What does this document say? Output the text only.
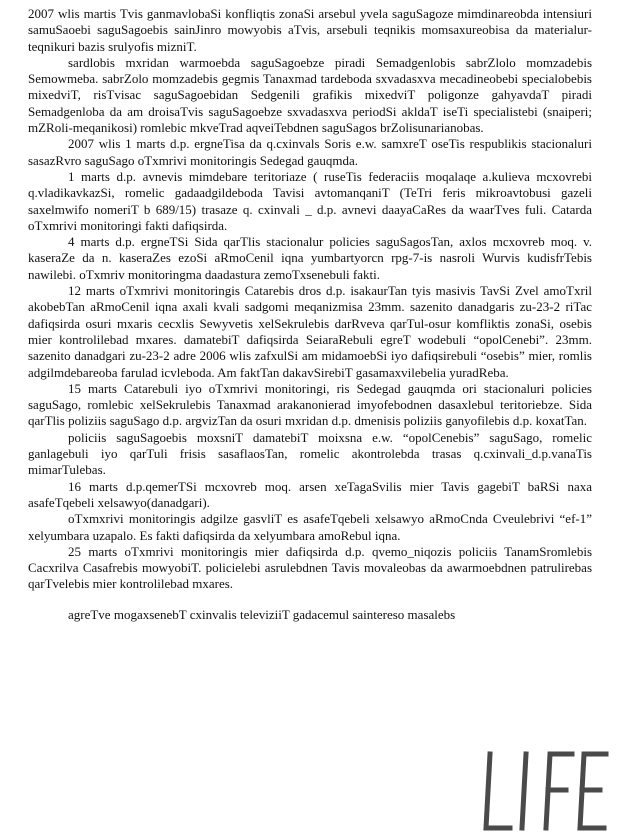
2007 wlis martis Tvis ganmavlobaSi konfliqtis zonaSi arsebul yvela saguSagoze mimdinareobda intensiuri samuSaoebi saguSagoebis sainJinro mowyobis aTvis, arsebuli teqnikis momsaxureobisa da materialur-teqnikuri bazis srulyofis mizniT.

sardlobis mxridan warmoebda saguSagoebze piradi Semadgenlobis sabrZlolo momzadebis Semowmeba. sabrZolo momzadebis gegmis Tanaxmad tardeboda sxvadasxva mecadineobebi specialobebis mixedviT, risTvisac saguSagoebidan Sedgenili grafikis mixedviT poligonze gahyavdaT piradi Semadgenloba da am droisaTvis saguSagoebze sxvadasxva periodSi akldaT iseTi specialistebi (snaiperi; mZRoli-meqanikosi) romlebic mkveTrad aqveiTebdnen saguSagos brZolisunarianobas.

2007 wlis 1 marts d.p. ergneTisa da q.cxinvals Soris e.w. samxreT oseTis respublikis stacionaluri sasazRvro saguSago oTxmrivi monitoringis Sedegad gauqmda.

1 marts d.p. avnevis mimdebare teritoriaze ( ruseTis federaciis moqalaqe a.kulieva mcxovrebi q.vladikavkazSi, romelic gadaadgildeboda Tavisi avtomanqaniT (TeTri feris mikroavtobusi gazeli saxelmwifo nomeriT b 689/15) trasaze q. cxinvali _ d.p. avnevi daayaCaRes da waarTves fuli. Catarda oTxmrivi monitoringi fakti dafiqsirda.

4 marts d.p. ergneTSi Sida qarTlis stacionalur policies saguSagosTan, axlos mcxovreb moq. v. kaseraZe da n. kaseraZes ezoSi aRmoCenil iqna yumbartyorcn rpg-7-is nasroli Wurvis kudisfrTebis nawilebi. oTxmriv monitoringma daadastura zemoTxsenebuli fakti.

12 marts oTxmrivi monitoringis Catarebis dros d.p. isakaurTan tyis masivis TavSi Zvel amoTxril akobebTan aRmoCenil iqna axali kvali sadgomi meqanizmisa 23mm. sazenito danadgaris zu-23-2 riTac dafiqsirda osuri mxaris cecxlis Sewyvetis xelSekrulebis darRveva qarTul-osur komfliktis zonaSi, osebis mier kontrolilebad mxares. damatebiT dafiqsirda SeiaraRebuli egreT wodebuli “opolCenebi”. 23mm. sazenito danadgari zu-23-2 adre 2006 wlis zafxulSi am midamoebSi iyo dafiqsirebuli “osebis” mier, romlis adgilmdebareoba farulad icvleboda. Am faktTan dakavSirebiT gasamaxvilebelia yuradReba.

15 marts Catarebuli iyo oTxmrivi monitoringi, ris Sedegad gauqmda ori stacionaluri policies saguSago, romlebic xelSekrulebis Tanaxmad arakanonierad imyofebodnen dasaxlebul teritoriebze. Sida qarTlis poliziis saguSago d.p. argvizTan da osuri mxridan d.p. dmenisis poliziis ganyofilebis d.p. koxatTan.

policiis saguSagoebis moxsniT damatebiT moixsna e.w. “opolCenebis” saguSago, romelic ganlagebuli iyo qarTuli frisis sasaflaosTan, romelic akontrolebda trasas q.cxinvali_d.p.vanaTis mimarTulebas.

16 marts d.p.qemerTSi mcxovreb moq. arsen xeTagaSvilis mier Tavis gagebiT baRSi naxa asafeTqebeli xelsawyo(danadgari).

oTxmxrivi monitoringis adgilze gasvliT es asafeTqebeli xelsawyo aRmoCnda Cveulebrivi “ef-1” xelyumbara uzapalo. Es fakti dafiqsirda da xelyumbara amoRebul iqna.

25 marts oTxmrivi monitoringis mier dafiqsirda d.p. qvemo_niqozis policiis TanamSromlebis Cacxrilva Casafrebis mowyobiT. policielebi asrulebdnen Tavis movaleobas da awarmoebdnen patrulirebas qarTvelebis mier kontrolilebad mxares.

agreTve mogaxsenebT cxinvalis televiziiT gadacemul saintereso masalebs
